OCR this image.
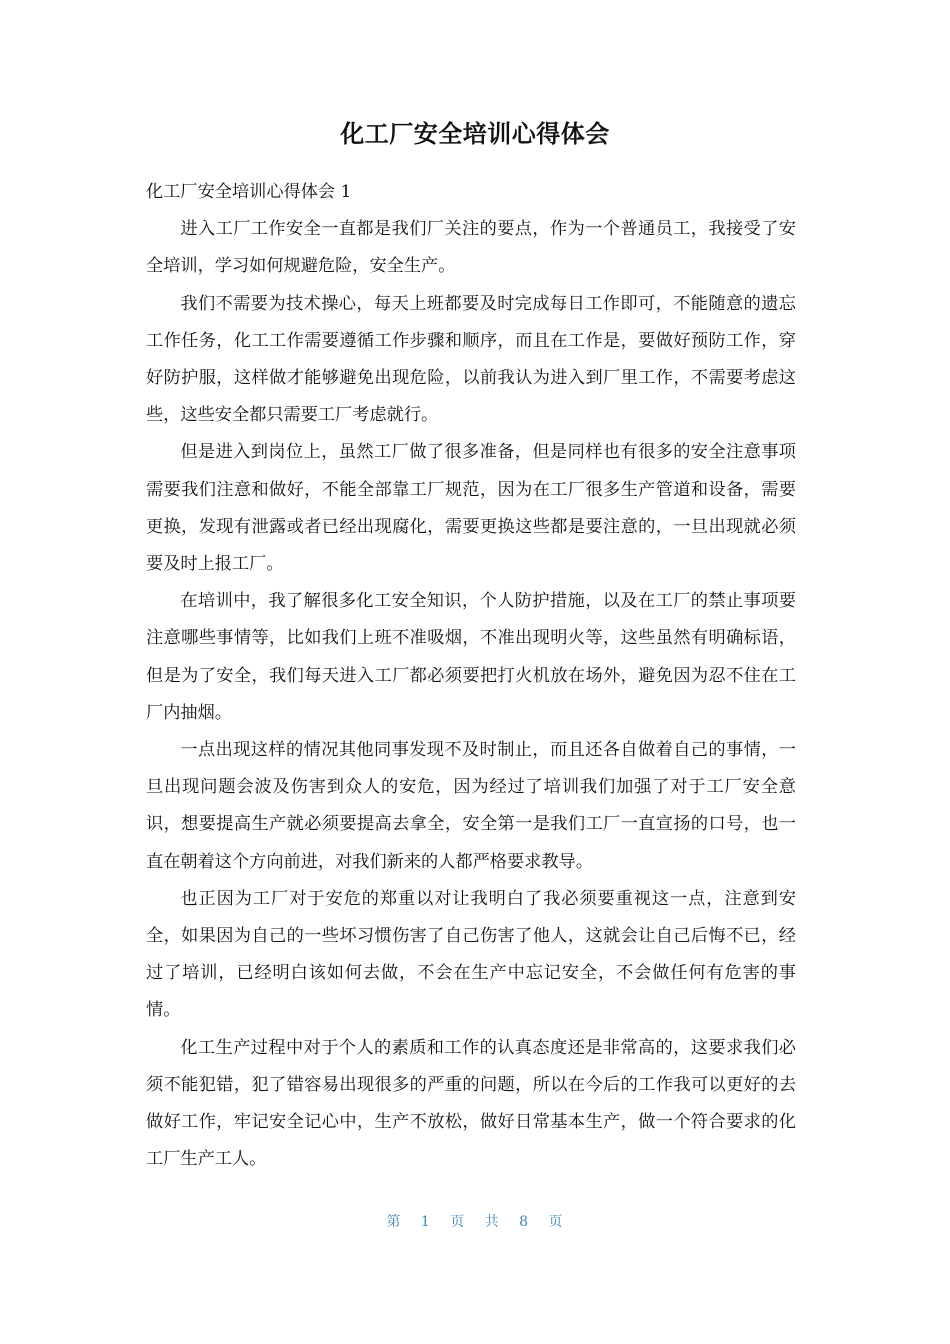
化工厂安全培训心得体会

化工厂安全培训心得体会 1

进入工厂工作安全一直都是我们厂关注的要点，作为一个普通员工，我接受了安全培训，学习如何规避危险，安全生产。

我们不需要为技术操心，每天上班都要及时完成每日工作即可，不能随意的遗忘工作任务，化工工作需要遵循工作步骤和顺序，而且在工作是，要做好预防工作，穿好防护服，这样做才能够避免出现危险，以前我认为进入到厂里工作，不需要考虑这些，这些安全都只需要工厂考虑就行。

但是进入到岗位上，虽然工厂做了很多准备，但是同样也有很多的安全注意事项需要我们注意和做好，不能全部靠工厂规范，因为在工厂很多生产管道和设备，需要更换，发现有泄露或者已经出现腐化，需要更换这些都是要注意的，一旦出现就必须要及时上报工厂。

在培训中，我了解很多化工安全知识，个人防护措施，以及在工厂的禁止事项要注意哪些事情等，比如我们上班不准吸烟，不准出现明火等，这些虽然有明确标语，但是为了安全，我们每天进入工厂都必须要把打火机放在场外，避免因为忍不住在工厂内抽烟。

一点出现这样的情况其他同事发现不及时制止，而且还各自做着自己的事情，一旦出现问题会波及伤害到众人的安危，因为经过了培训我们加强了对于工厂安全意识，想要提高生产就必须要提高去拿全，安全第一是我们工厂一直宣扬的口号，也一直在朝着这个方向前进，对我们新来的人都严格要求教导。

也正因为工厂对于安危的郑重以对让我明白了我必须要重视这一点，注意到安全，如果因为自己的一些坏习惯伤害了自己伤害了他人，这就会让自己后悔不已，经过了培训，已经明白该如何去做，不会在生产中忘记安全，不会做任何有危害的事情。

化工生产过程中对于个人的素质和工作的认真态度还是非常高的，这要求我们必须不能犯错，犯了错容易出现很多的严重的问题，所以在今后的工作我可以更好的去做好工作，牢记安全记心中，生产不放松，做好日常基本生产，做一个符合要求的化工厂生产工人。

第 1 页 共 8 页
